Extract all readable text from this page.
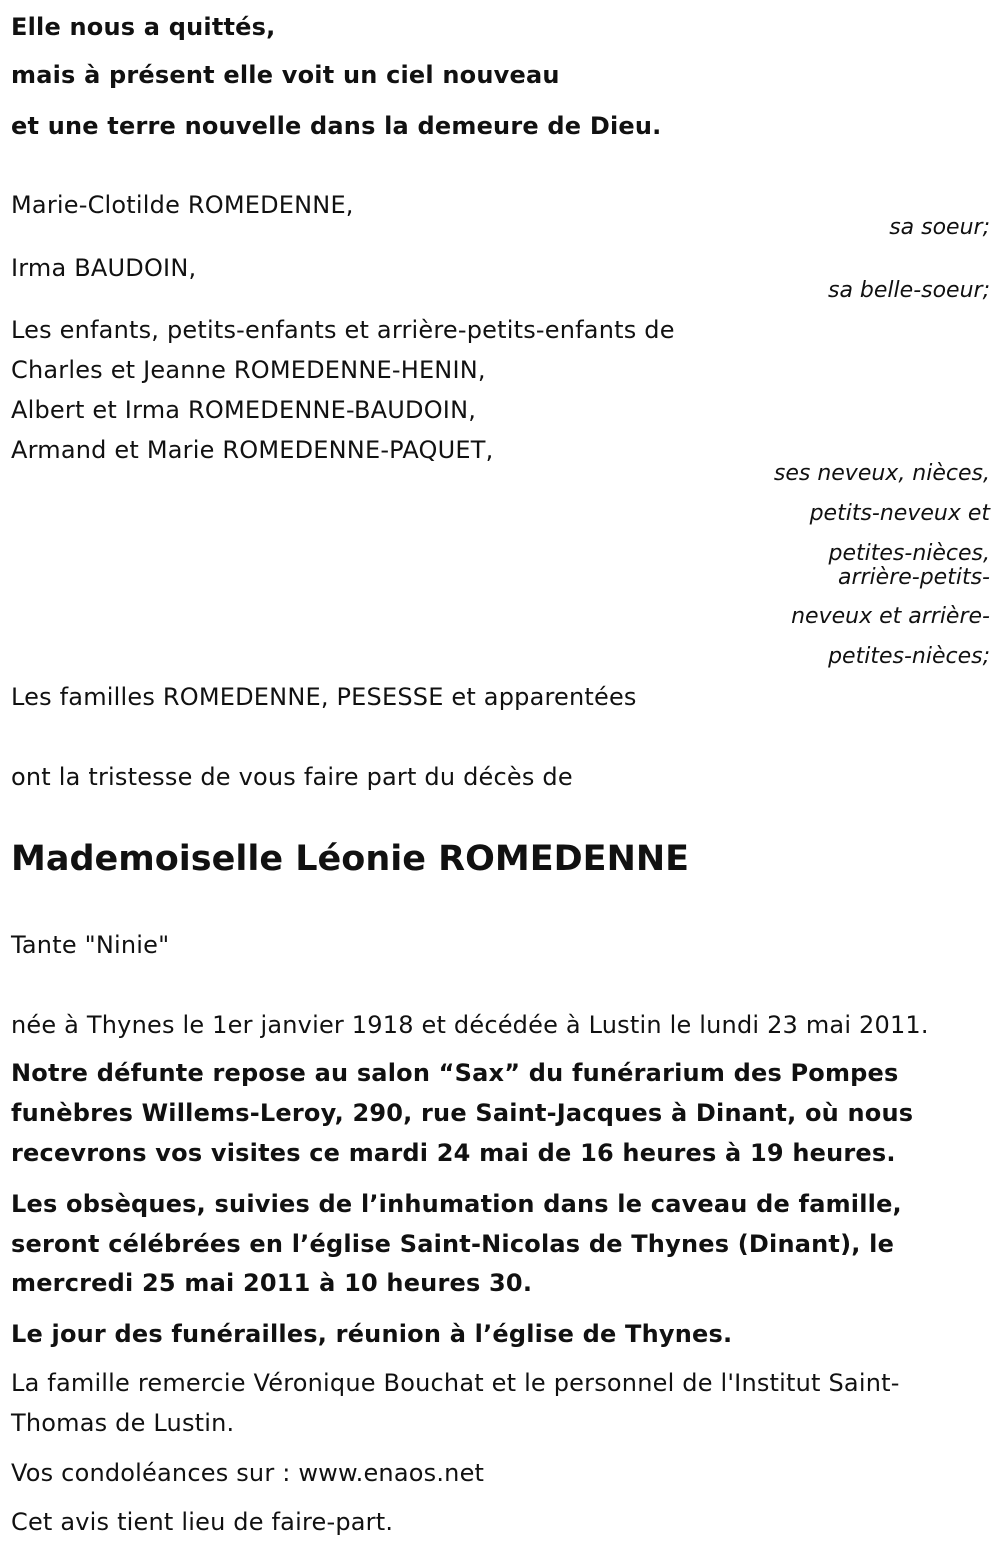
Elle nous a quittés,

mais à présent elle voit un ciel nouveau

et une terre nouvelle dans la demeure de Dieu.

Marie-Clotilde ROMEDENNE,

sa soeur;

Irma BAUDOIN,

sa belle-soeur;

Les enfants, petits-enfants et arrière-petits-enfants de

Charles et Jeanne ROMEDENNE-HENIN,

Albert et Irma ROMEDENNE-BAUDOIN,

Armand et Marie ROMEDENNE-PAQUET,

ses neveux, nièces,

petits-neveux et

petites-nièces,

arrière-petits-

neveux et arrière-

petites-nièces;

Les familles ROMEDENNE, PESESSE et apparentées

ont la tristesse de vous faire part du décès de

Mademoiselle Léonie ROMEDENNE

Tante "Ninie"

née à Thynes le 1er janvier 1918 et décédée à Lustin le lundi 23 mai 2011.

Notre défunte repose au salon “Sax” du funérarium des Pompes

funèbres Willems-Leroy, 290, rue Saint-Jacques à Dinant, où nous

recevrons vos visites ce mardi 24 mai de 16 heures à 19 heures.

Les obsèques, suivies de l’inhumation dans le caveau de famille,

seront célébrées en l’église Saint-Nicolas de Thynes (Dinant), le

mercredi 25 mai 2011 à 10 heures 30.

Le jour des funérailles, réunion à l’église de Thynes.

La famille remercie Véronique Bouchat et le personnel de l'Institut Saint-

Thomas de Lustin.

Vos condoléances sur : www.enaos.net

Cet avis tient lieu de faire-part.
